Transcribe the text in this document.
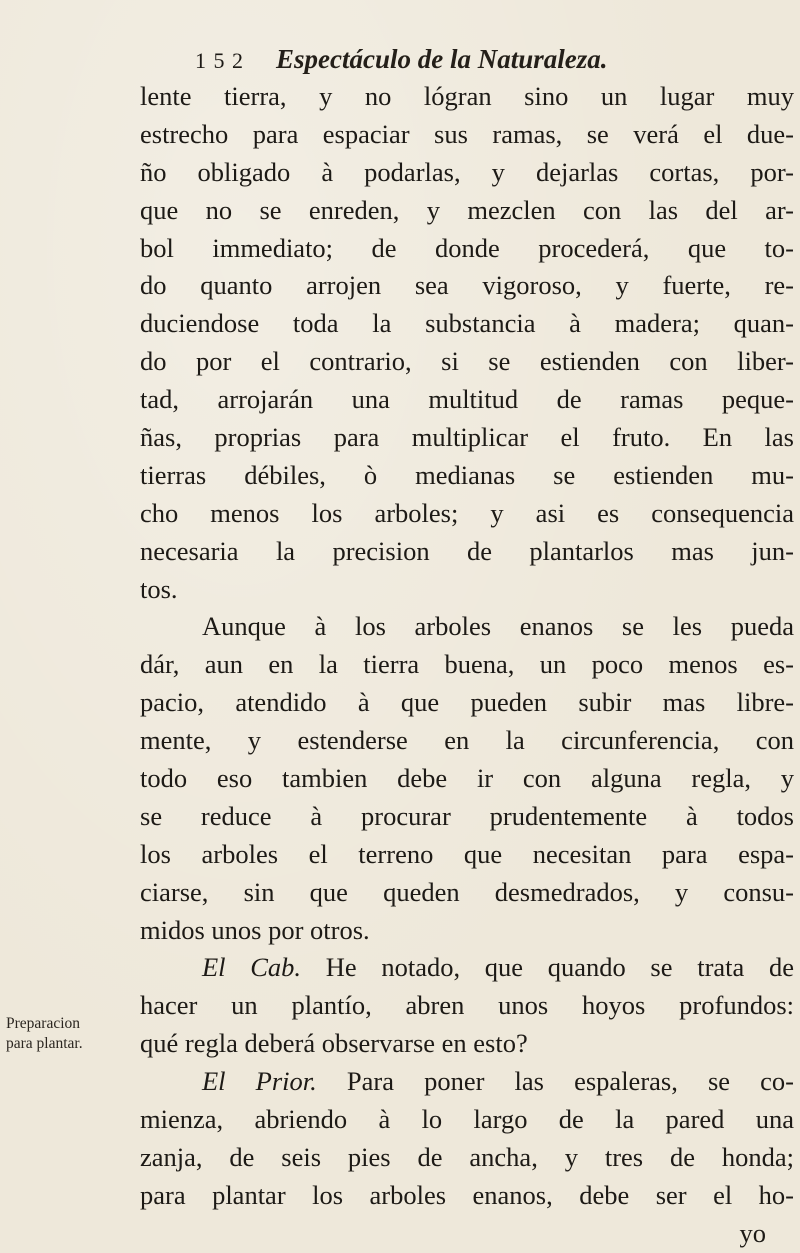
1 5 2 Espectáculo de la Naturaleza.
Preparacion
para plantar.
lente tierra, y no lógran sino un lugar muy
estrecho para espaciar sus ramas, se verá el due-
ño obligado à podarlas, y dejarlas cortas, por-
que no se enreden, y mezclen con las del ar-
bol immediato; de donde procederá, que to-
do quanto arrojen sea vigoroso, y fuerte, re-
duciendose toda la substancia à madera; quan-
do por el contrario, si se estienden con liber-
tad, arrojarán una multitud de ramas peque-
ñas, proprias para multiplicar el fruto. En las
tierras débiles, ò medianas se estienden mu-
cho menos los arboles; y asi es consequencia
necesaria la precision de plantarlos mas jun-
tos.
Aunque à los arboles enanos se les pueda
dár, aun en la tierra buena, un poco menos es-
pacio, atendido à que pueden subir mas libre-
mente, y estenderse en la circunferencia, con
todo eso tambien debe ir con alguna regla, y
se reduce à procurar prudentemente à todos
los arboles el terreno que necesitan para espa-
ciarse, sin que queden desmedrados, y consu-
midos unos por otros.
El Cab. He notado, que quando se trata de
hacer un plantío, abren unos hoyos profundos:
qué regla deberá observarse en esto?
El Prior. Para poner las espaleras, se co-
mienza, abriendo à lo largo de la pared una
zanja, de seis pies de ancha, y tres de honda;
para plantar los arboles enanos, debe ser el ho-
yo
